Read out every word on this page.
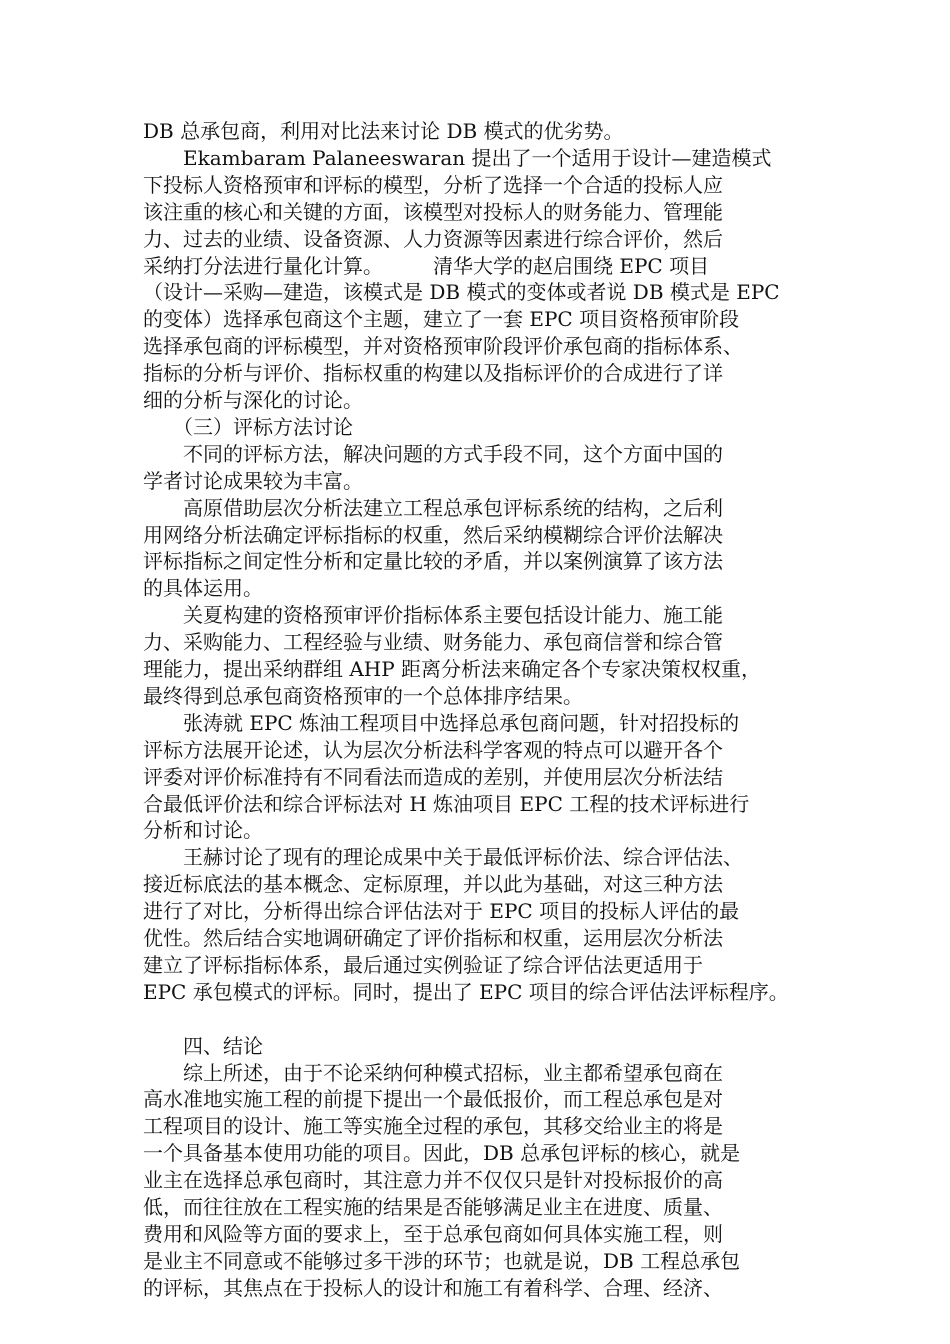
DB 总承包商，利用对比法来讨论 DB 模式的优劣势。
　　Ekambaram Palaneeswaran 提出了一个适用于设计—建造模式
下投标人资格预审和评标的模型，分析了选择一个合适的投标人应
该注重的核心和关键的方面，该模型对投标人的财务能力、管理能
力、过去的业绩、设备资源、人力资源等因素进行综合评价，然后
采纳打分法进行量化计算。　　　清华大学的赵启围绕 EPC 项目
（设计—采购—建造，该模式是 DB 模式的变体或者说 DB 模式是 EPC
的变体）选择承包商这个主题，建立了一套 EPC 项目资格预审阶段
选择承包商的评标模型，并对资格预审阶段评价承包商的指标体系、
指标的分析与评价、指标权重的构建以及指标评价的合成进行了详
细的分析与深化的讨论。
　　（三）评标方法讨论
　　不同的评标方法，解决问题的方式手段不同，这个方面中国的
学者讨论成果较为丰富。
　　高原借助层次分析法建立工程总承包评标系统的结构，之后利
用网络分析法确定评标指标的权重，然后采纳模糊综合评价法解决
评标指标之间定性分析和定量比较的矛盾，并以案例演算了该方法
的具体运用。
　　关夏构建的资格预审评价指标体系主要包括设计能力、施工能
力、采购能力、工程经验与业绩、财务能力、承包商信誉和综合管
理能力，提出采纳群组 AHP 距离分析法来确定各个专家决策权权重，
最终得到总承包商资格预审的一个总体排序结果。
　　张涛就 EPC 炼油工程项目中选择总承包商问题，针对招投标的
评标方法展开论述，认为层次分析法科学客观的特点可以避开各个
评委对评价标准持有不同看法而造成的差别，并使用层次分析法结
合最低评价法和综合评标法对 H 炼油项目 EPC 工程的技术评标进行
分析和讨论。
　　王赫讨论了现有的理论成果中关于最低评标价法、综合评估法、
接近标底法的基本概念、定标原理，并以此为基础，对这三种方法
进行了对比，分析得出综合评估法对于 EPC 项目的投标人评估的最
优性。然后结合实地调研确定了评价指标和权重，运用层次分析法
建立了评标指标体系，最后通过实例验证了综合评估法更适用于
EPC 承包模式的评标。同时，提出了 EPC 项目的综合评估法评标程序。
　　四、结论
　　综上所述，由于不论采纳何种模式招标，业主都希望承包商在
高水准地实施工程的前提下提出一个最低报价，而工程总承包是对
工程项目的设计、施工等实施全过程的承包，其移交给业主的将是
一个具备基本使用功能的项目。因此，DB 总承包评标的核心，就是
业主在选择总承包商时，其注意力并不仅仅只是针对投标报价的高
低，而往往放在工程实施的结果是否能够满足业主在进度、质量、
费用和风险等方面的要求上，至于总承包商如何具体实施工程，则
是业主不同意或不能够过多干涉的环节；也就是说，DB 工程总承包
的评标，其焦点在于投标人的设计和施工有着科学、合理、经济、
